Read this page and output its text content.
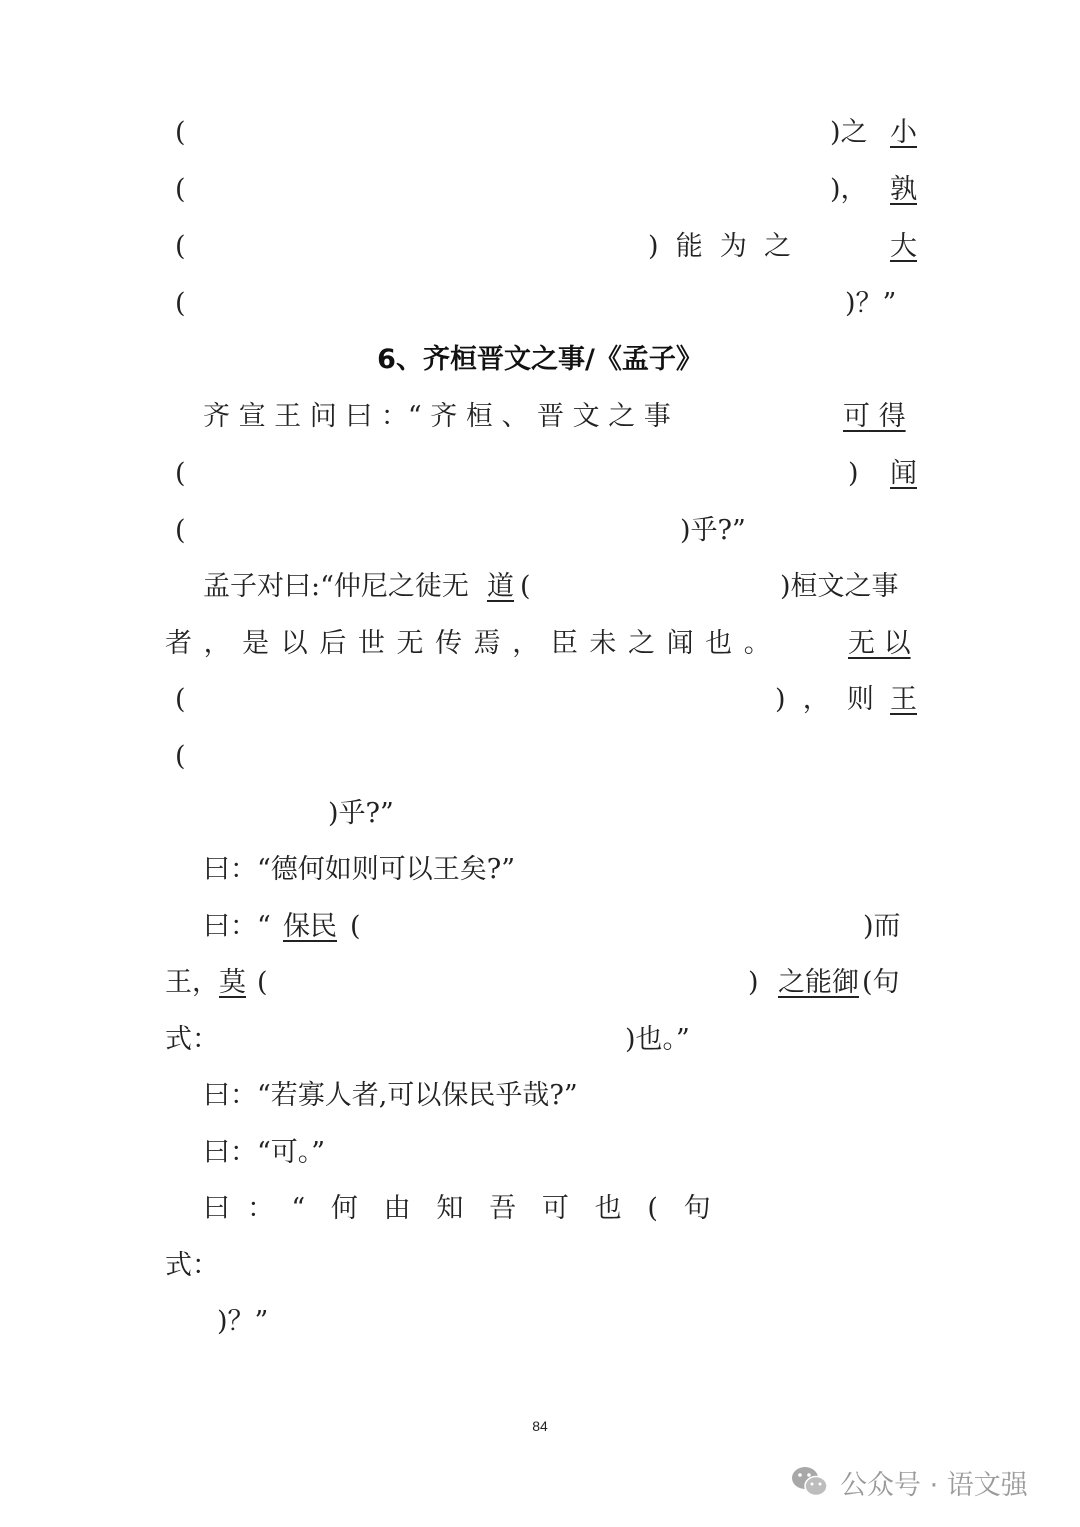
(	)之 小
(	)， 孰
(	)  能  为  之	大
(	)？”
6、齐桓晋文之事/《孟子》
齐 宣 王 问 曰 ：“ 齐 桓 、 晋 文 之 事	可 得
(	) 闻
(	)乎?”
孟子对曰:“仲尼之徒无 道 (	)桓文之事
者 ， 是 以 后 世 无 传 焉 ， 臣 未 之 闻 也 。	无 以
(	)  ，  则 王
(
)乎?”
曰：“德何如则可以王矣?”
曰：“ 保民 (	)而
王， 莫 (	) 之能御 (句
式：	)也。”
曰：“若寡人者,可以保民乎哉?”
曰：“可。”
曰  ：  “   何   由   知   吾   可   也   (   句
式：
)？”
84
公众号 · 语文强
